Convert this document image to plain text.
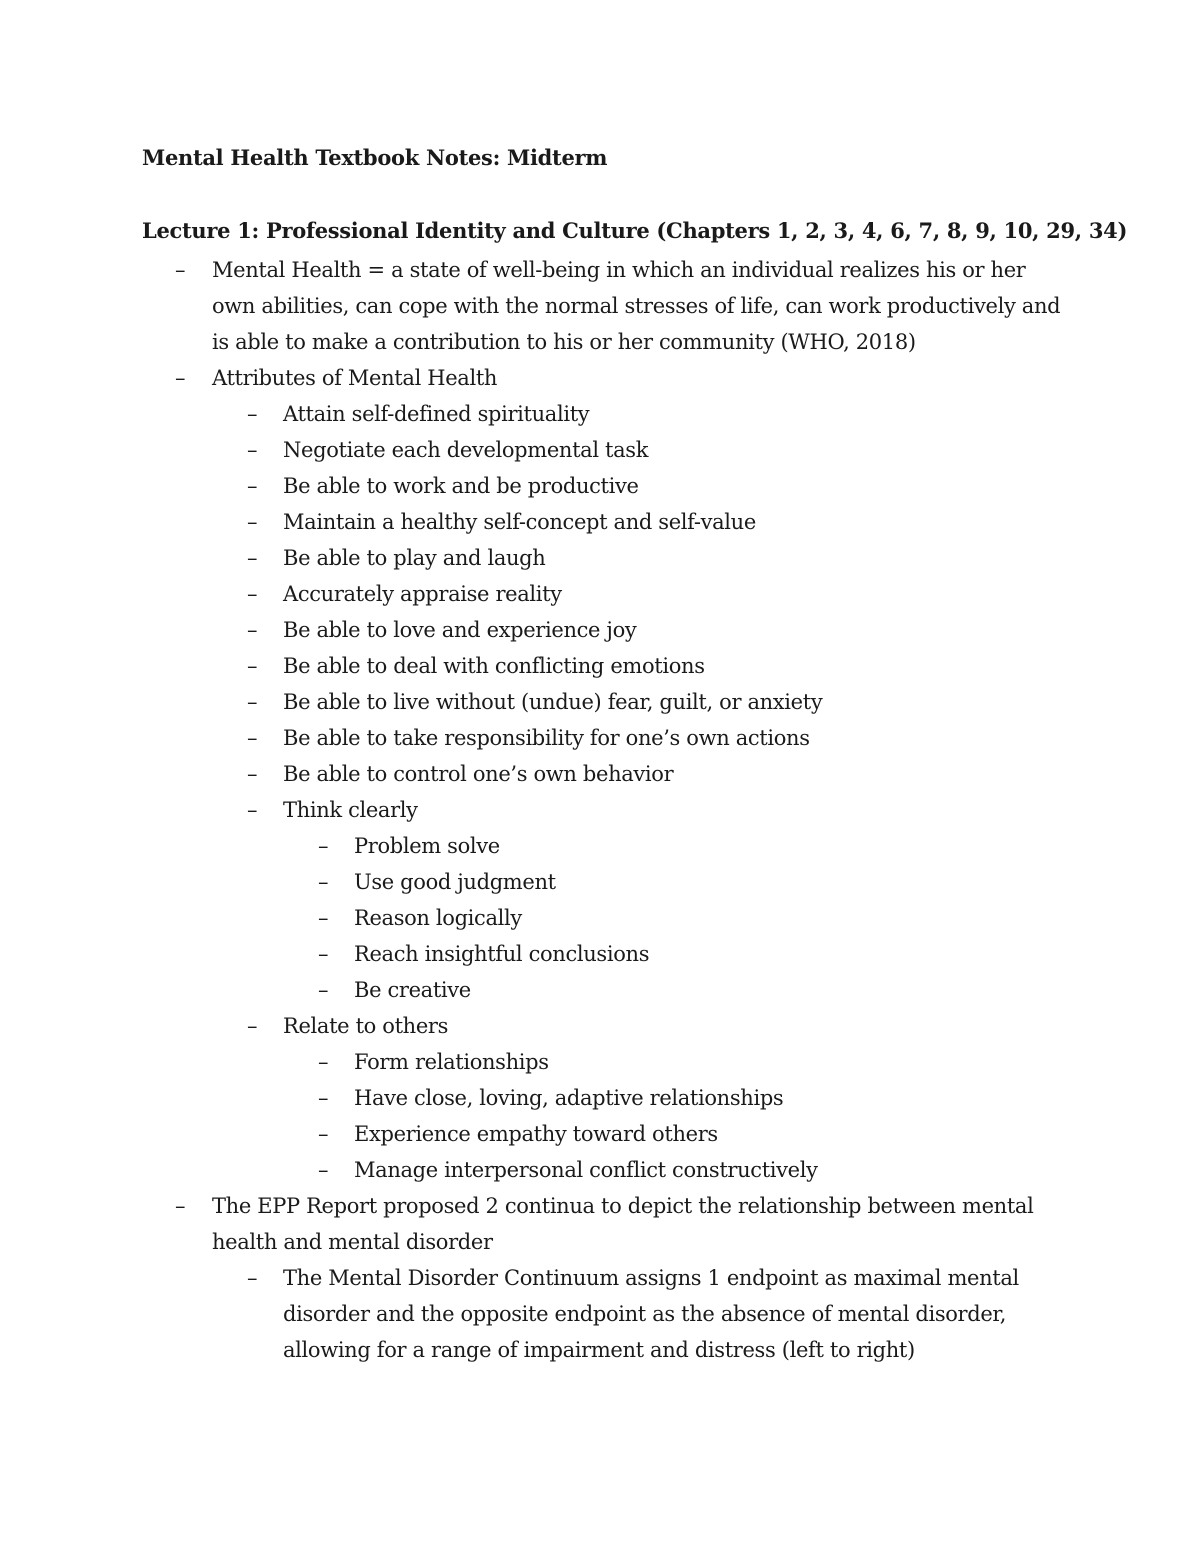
Mental Health Textbook Notes: Midterm
Lecture 1: Professional Identity and Culture (Chapters 1, 2, 3, 4, 6, 7, 8, 9, 10, 29, 34)
– Mental Health = a state of well-being in which an individual realizes his or her own abilities, can cope with the normal stresses of life, can work productively and is able to make a contribution to his or her community (WHO, 2018)
– Attributes of Mental Health
– Attain self-defined spirituality
– Negotiate each developmental task
– Be able to work and be productive
– Maintain a healthy self-concept and self-value
– Be able to play and laugh
– Accurately appraise reality
– Be able to love and experience joy
– Be able to deal with conflicting emotions
– Be able to live without (undue) fear, guilt, or anxiety
– Be able to take responsibility for one’s own actions
– Be able to control one’s own behavior
– Think clearly
– Problem solve
– Use good judgment
– Reason logically
– Reach insightful conclusions
– Be creative
– Relate to others
– Form relationships
– Have close, loving, adaptive relationships
– Experience empathy toward others
– Manage interpersonal conflict constructively
– The EPP Report proposed 2 continua to depict the relationship between mental health and mental disorder
– The Mental Disorder Continuum assigns 1 endpoint as maximal mental disorder and the opposite endpoint as the absence of mental disorder, allowing for a range of impairment and distress (left to right)
